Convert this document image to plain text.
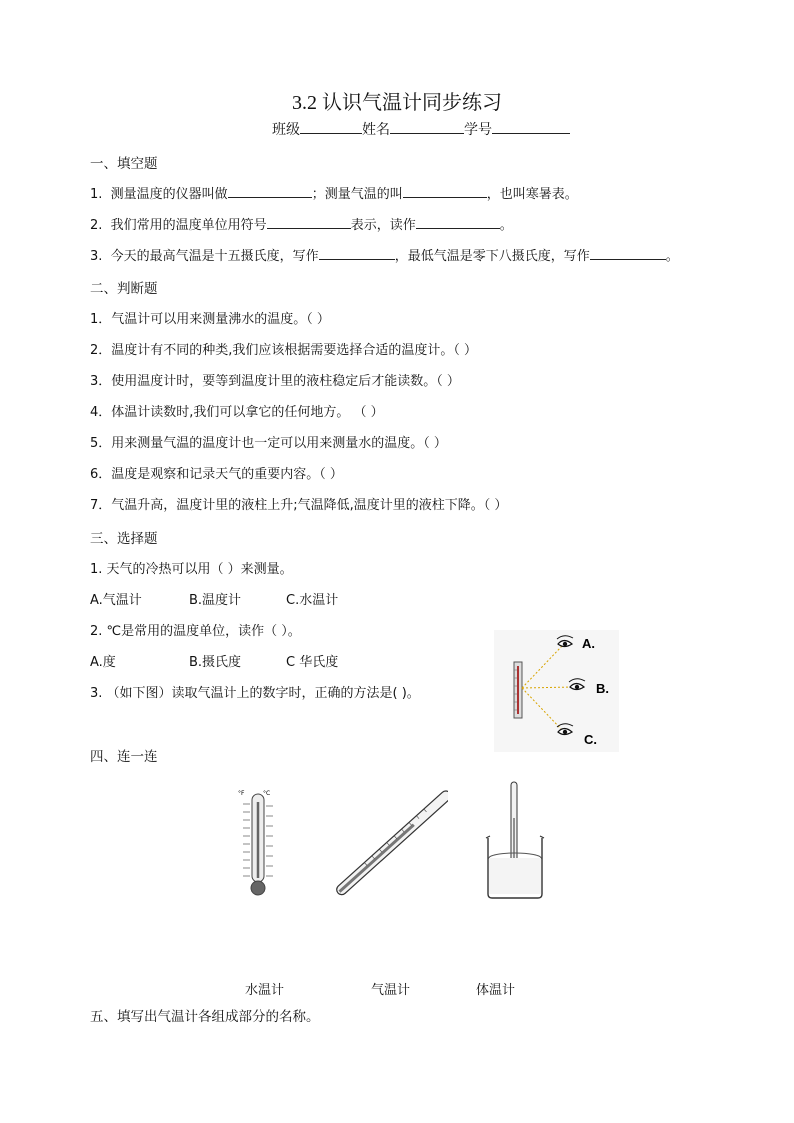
3.2 认识气温计同步练习
班级	姓名	学号
一、填空题
1. 测量温度的仪器叫做	；测量气温的叫	，也叫寒暑表。
2. 我们常用的温度单位用符号	表示，读作	。
3. 今天的最高气温是十五摄氏度，写作	，最低气温是零下八摄氏度，写作	。
二、判断题
1．气温计可以用来测量沸水的温度。（ ）
2．温度计有不同的种类,我们应该根据需要选择合适的温度计。（ ）
3．使用温度计时，要等到温度计里的液柱稳定后才能读数。（ ）
4．体温计读数时,我们可以拿它的任何地方。 （ ）
5．用来测量气温的温度计也一定可以用来测量水的温度。（ ）
6．温度是观察和记录天气的重要内容。（ ）
7．气温升高，温度计里的液柱上升;气温降低,温度计里的液柱下降。（ ）
三、选择题
1. 天气的冷热可以用（ ）来测量。
A.气温计	B.温度计	C.水温计
2. ℃是常用的温度单位，读作（ ）。
A.度	B.摄氏度	C 华氏度
3. （如下图）读取气温计上的数字时，正确的方法是( )。
A.
B.
C.
四、连一连
°F	°C
水温计	气温计	体温计
五、填写出气温计各组成部分的名称。
